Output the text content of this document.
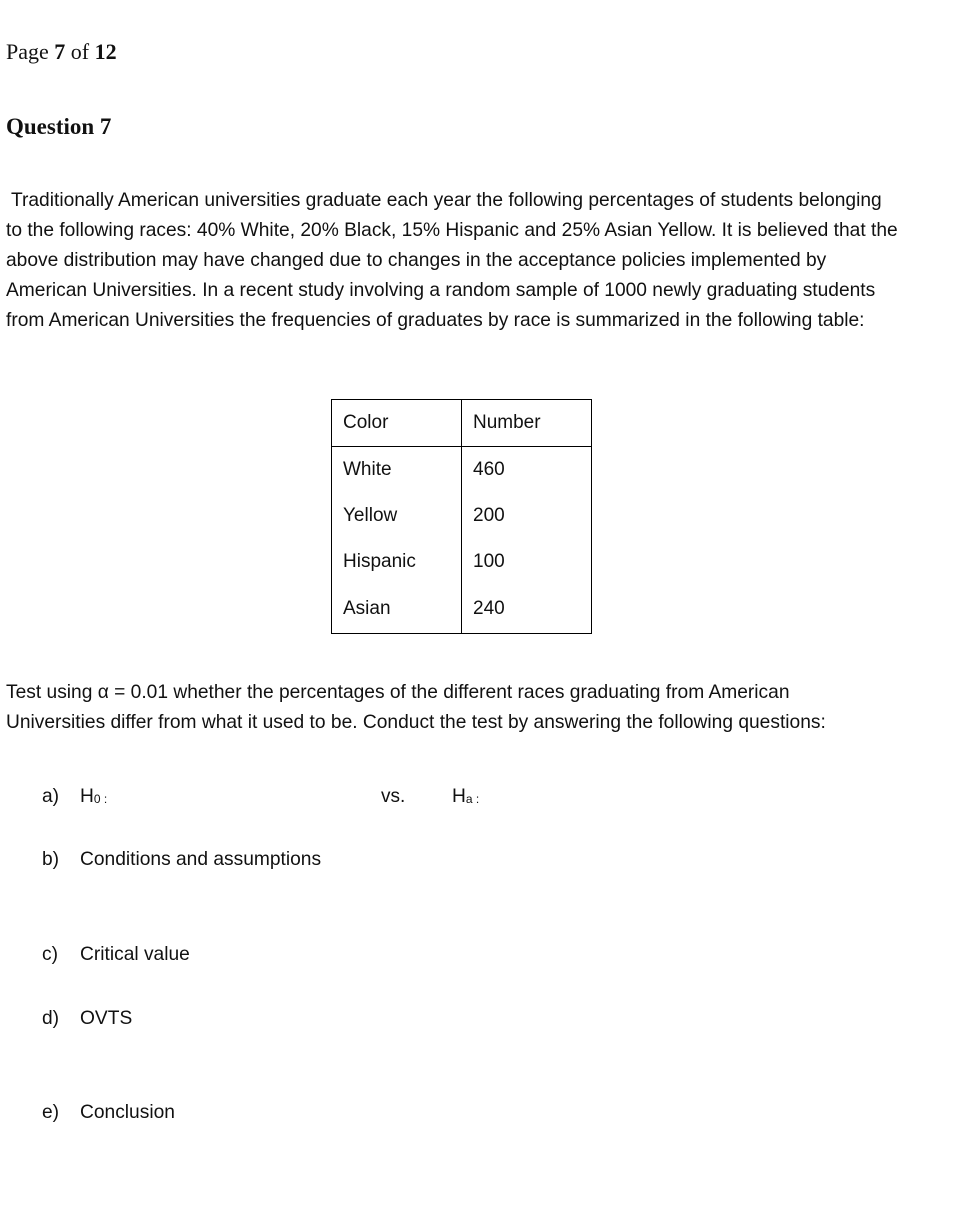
Page 7 of 12
Question 7
Traditionally American universities graduate each year the following percentages of students belonging
to the following races: 40% White, 20% Black, 15% Hispanic and 25% Asian Yellow. It is believed that the
above distribution may have changed due to changes in the acceptance policies implemented by
American Universities. In a recent study involving a random sample of 1000 newly graduating students
from American Universities the frequencies of graduates by race is summarized in the following table:
Color	Number
White	460
Yellow	200
Hispanic	100
Asian	240
Test using α = 0.01 whether the percentages of the different races graduating from American
Universities differ from what it used to be. Conduct the test by answering the following questions:
a) H0 :	vs. Ha :
b) Conditions and assumptions
c) Critical value
d) OVTS
e) Conclusion
